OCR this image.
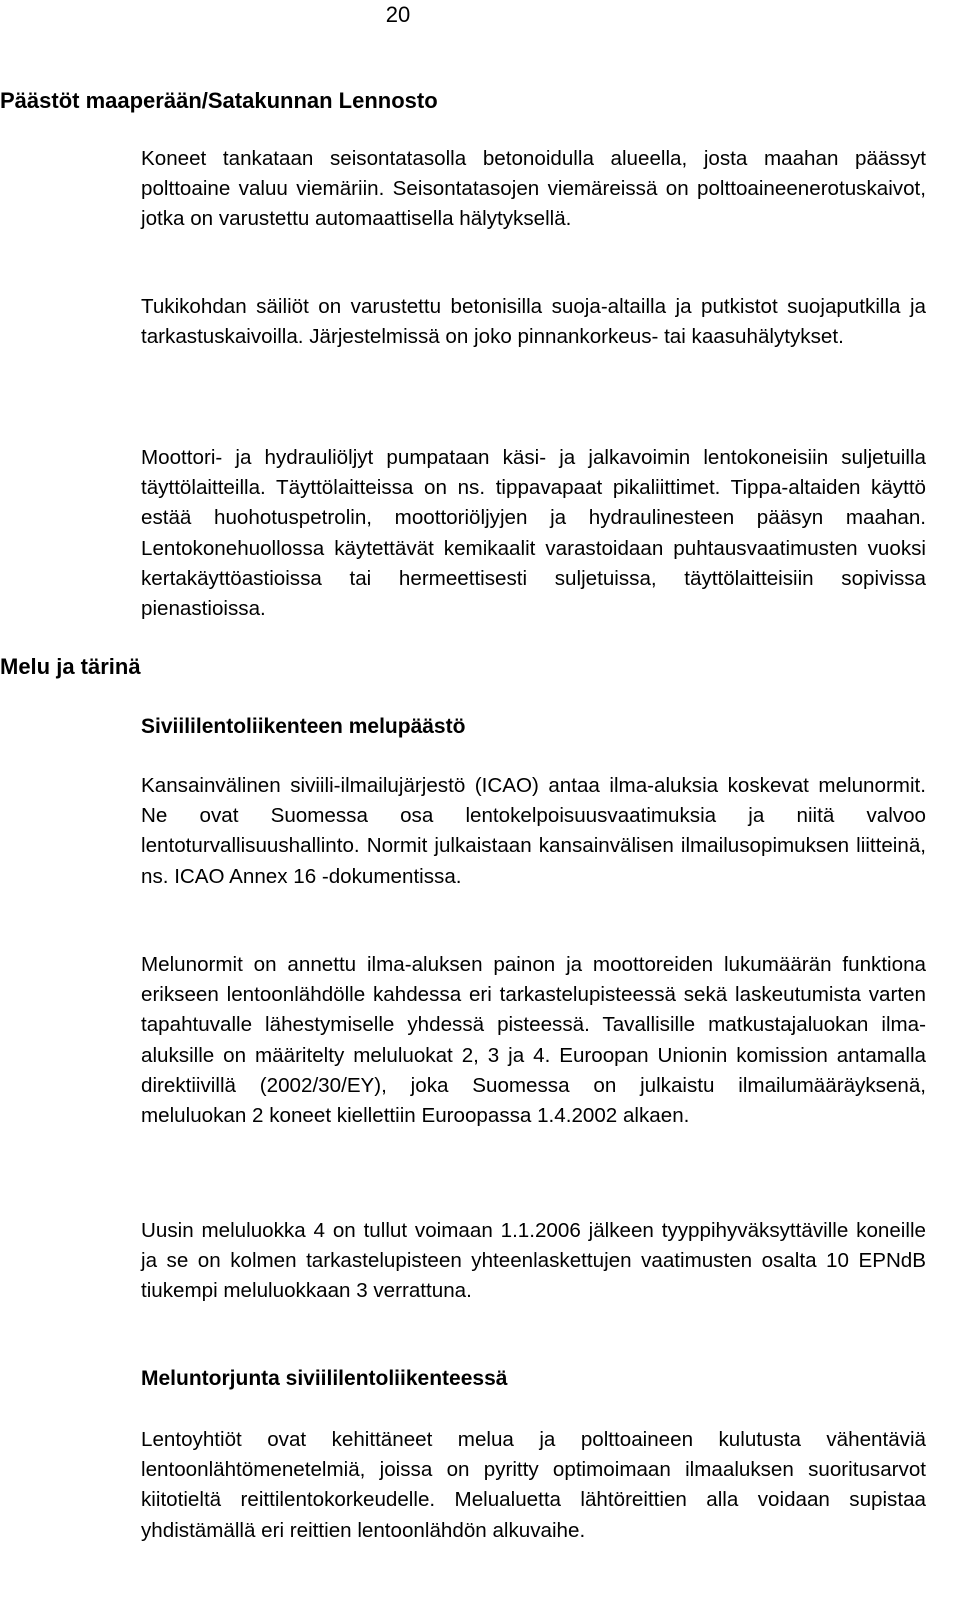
20
Päästöt maaperään/Satakunnan Lennosto
Melu ja tärinä

Koneet tankataan seisontatasolla betonoidulla alueella, josta maahan päässyt polttoaine valuu viemäriin. Seisontatasojen viemäreissä on polttoaineenerotuskaivot, jotka on varustettu automaattisella hälytyksellä.

Tukikohdan säiliöt on varustettu betonisilla suoja-altailla ja putkistot suojaputkilla ja tarkastuskaivoilla. Järjestelmissä on joko pinnankorkeus- tai kaasuhälytykset.

Moottori- ja hydrauliöljyt pumpataan käsi- ja jalkavoimin lentokoneisiin suljetuilla täyttölaitteilla. Täyttölaitteissa on ns. tippavapaat pikaliittimet. Tippa-altaiden käyttö estää huohotuspetrolin, moottoriöljyjen ja hydraulinesteen pääsyn maahan. Lentokonehuollossa käytettävät kemikaalit varastoidaan puhtausvaatimusten vuoksi kertakäyttöastioissa tai hermeettisesti suljetuissa, täyttölaitteisiin sopivissa pienastioissa.

Siviililentoliikenteen melupäästö

Kansainvälinen siviili-ilmailujärjestö (ICAO) antaa ilma-aluksia koskevat melunormit. Ne ovat Suomessa osa lentokelpoisuusvaatimuksia ja niitä valvoo lentoturvallisuushallinto. Normit julkaistaan kansainvälisen ilmailusopimuksen liitteinä, ns. ICAO Annex 16 -dokumentissa.

Melunormit on annettu ilma-aluksen painon ja moottoreiden lukumäärän funktiona erikseen lentoonlähdölle kahdessa eri tarkastelupisteessä sekä laskeutumista varten tapahtuvalle lähestymiselle yhdessä pisteessä. Tavallisille matkustajaluokan ilma-aluksille on määritelty meluluokat 2, 3 ja 4. Euroopan Unionin komission antamalla direktiivillä (2002/30/EY), joka Suomessa on julkaistu ilmailumääräyksenä, meluluokan 2 koneet kiellettiin Euroopassa 1.4.2002 alkaen.

Uusin meluluokka 4 on tullut voimaan 1.1.2006 jälkeen tyyppihyväksyttäville koneille ja se on kolmen tarkastelupisteen yhteenlaskettujen vaatimusten osalta 10 EPNdB tiukempi meluluokkaan 3 verrattuna.

Meluntorjunta siviililentoliikenteessä

Lentoyhtiöt ovat kehittäneet melua ja polttoaineen kulutusta vähentäviä lentoonlähtömenetelmiä, joissa on pyritty optimoimaan ilmaaluksen suoritusarvot kiitotieltä reittilentokorkeudelle. Melualuetta lähtöreittien alla voidaan supistaa yhdistämällä eri reittien lentoonlähdön alkuvaihe.
